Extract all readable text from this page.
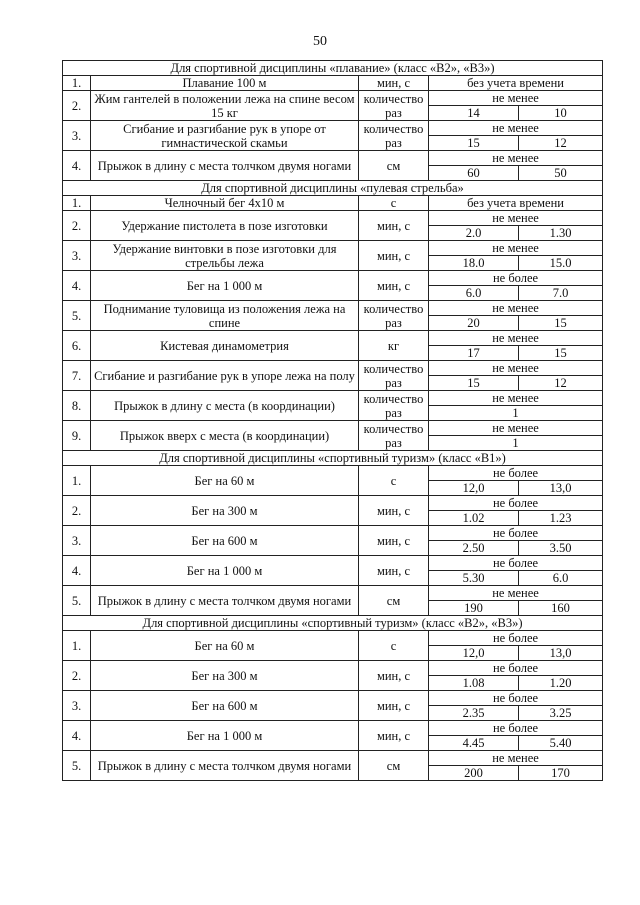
50
Для спортивной дисциплины «плавание» (класс «В2», «В3»)				
1.	Плавание 100 м	мин, с	без учета времени	
2.	Жим гантелей в положении лежа на спине весом 15 кг	количество раз	не менее	
			14	10
3.	Сгибание и разгибание рук в упоре от гимнастической скамьи	количество раз	не менее	
			15	12
4.	Прыжок в длину с места толчком двумя ногами	см	не менее	
			60	50
Для спортивной дисциплины «пулевая стрельба»				
1.	Челночный бег 4х10 м	с	без учета времени	
2.	Удержание пистолета в позе изготовки	мин, с	не менее	
			2.0	1.30
3.	Удержание винтовки в позе изготовки для стрельбы лежа	мин, с	не менее	
			18.0	15.0
4.	Бег на 1 000 м	мин, с	не более	
			6.0	7.0
5.	Поднимание туловища из положения лежа на спине	количество раз	не менее	
			20	15
6.	Кистевая динамометрия	кг	не менее	
			17	15
7.	Сгибание и разгибание рук в упоре лежа на полу	количество раз	не менее	
			15	12
8.	Прыжок в длину с места (в координации)	количество раз	не менее	
			1	
9.	Прыжок вверх с места (в координации)	количество раз	не менее	
			1	
Для спортивной дисциплины «спортивный туризм» (класс «В1»)				
1.	Бег на 60 м	с	не более	
			12,0	13,0
2.	Бег на 300 м	мин, с	не более	
			1.02	1.23
3.	Бег на 600 м	мин, с	не более	
			2.50	3.50
4.	Бег на 1 000 м	мин, с	не более	
			5.30	6.0
5.	Прыжок в длину с места толчком двумя ногами	см	не менее	
			190	160
Для спортивной дисциплины «спортивный туризм» (класс «В2», «В3»)				
1.	Бег на 60 м	с	не более	
			12,0	13,0
2.	Бег на 300 м	мин, с	не более	
			1.08	1.20
3.	Бег на 600 м	мин, с	не более	
			2.35	3.25
4.	Бег на 1 000 м	мин, с	не более	
			4.45	5.40
5.	Прыжок в длину с места толчком двумя ногами	см	не менее	
			200	170
